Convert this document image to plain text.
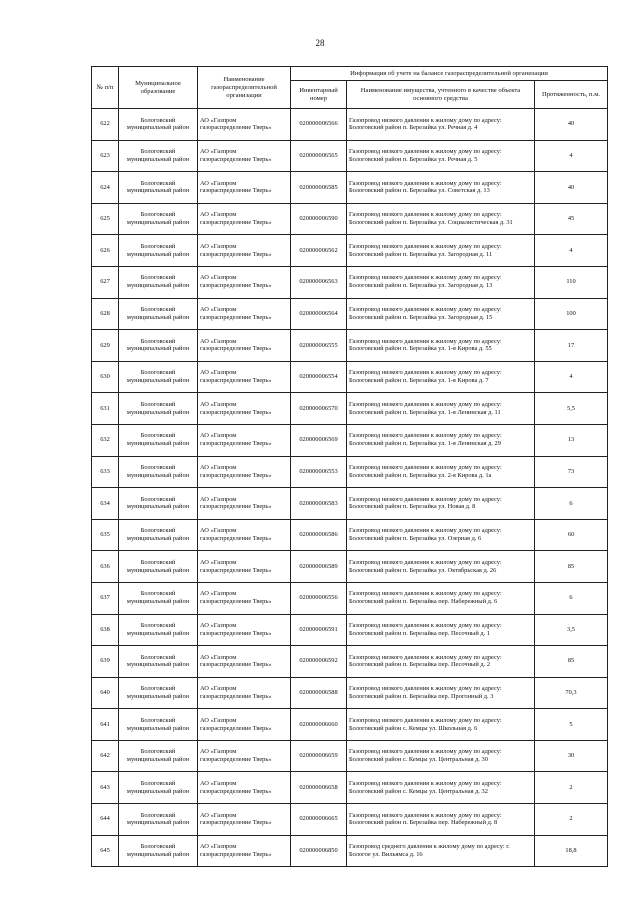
28
№ п/п	Муниципальное образование	Наименование газораспределительной организации	Информация об учете на балансе газораспределительной организации		
			Инвентарный номер	Наименование имущества, учтенного в качестве объекта основного средства	Протяженность, п.м.
622	Бологовский муниципальный район	АО «Газпром газораспределение Тверь»	020000006566	Газопровод низкого давления к жилому дому по адресу: Бологовский район п. Березайка ул. Речная д. 4	40
623	Бологовский муниципальный район	АО «Газпром газораспределение Тверь»	020000006565	Газопровод низкого давления к жилому дому по адресу: Бологовский район п. Березайка ул. Речная д. 5	4
624	Бологовский муниципальный район	АО «Газпром газораспределение Тверь»	020000006585	Газопровод низкого давления к жилому дому по адресу: Бологовский район п. Березайка ул. Советская д. 13	40
625	Бологовский муниципальный район	АО «Газпром газораспределение Тверь»	020000006590	Газопровод низкого давления к жилому дому по адресу: Бологовский район п. Березайка ул. Социалистическая д. 31	45
626	Бологовский муниципальный район	АО «Газпром газораспределение Тверь»	020000006562	Газопровод низкого давления к жилому дому по адресу: Бологовский район п. Березайка ул. Загородная д. 11	4
627	Бологовский муниципальный район	АО «Газпром газораспределение Тверь»	020000006563	Газопровод низкого давления к жилому дому по адресу: Бологовский район п. Березайка ул. Загородная д. 13	110
628	Бологовский муниципальный район	АО «Газпром газораспределение Тверь»	020000006564	Газопровод низкого давления к жилому дому по адресу: Бологовский район п. Березайка ул. Загородная д. 15	100
629	Бологовский муниципальный район	АО «Газпром газораспределение Тверь»	020000006555	Газопровод низкого давления к жилому дому по адресу: Бологовский район п. Березайка ул. 1-я Кирова д. 55	17
630	Бологовский муниципальный район	АО «Газпром газораспределение Тверь»	020000006554	Газопровод низкого давления к жилому дому по адресу: Бологовский район п. Березайка ул. 1-я Кирова д. 7	4
631	Бологовский муниципальный район	АО «Газпром газораспределение Тверь»	020000006570	Газопровод низкого давления к жилому дому по адресу: Бологовский район п. Березайка ул. 1-я Ленинская д. 11	5,5
632	Бологовский муниципальный район	АО «Газпром газораспределение Тверь»	020000006569	Газопровод низкого давления к жилому дому по адресу: Бологовский район п. Березайка ул. 1-я Ленинская д. 29	13
633	Бологовский муниципальный район	АО «Газпром газораспределение Тверь»	020000006553	Газопровод низкого давления к жилому дому по адресу: Бологовский район п. Березайка ул. 2-я Кирова д. 1а	73
634	Бологовский муниципальный район	АО «Газпром газораспределение Тверь»	020000006583	Газопровод низкого давления к жилому дому по адресу: Бологовский район п. Березайка ул. Новая д. 8	6
635	Бологовский муниципальный район	АО «Газпром газораспределение Тверь»	020000006586	Газопровод низкого давления к жилому дому по адресу: Бологовский район п. Березайка ул. Озерная д. 6	60
636	Бологовский муниципальный район	АО «Газпром газораспределение Тверь»	020000006589	Газопровод низкого давления к жилому дому по адресу: Бологовский район п. Березайка ул. Октябрьская д. 26	85
637	Бологовский муниципальный район	АО «Газпром газораспределение Тверь»	020000006556	Газопровод низкого давления к жилому дому по адресу: Бологовский район п. Березайка пер. Набережный д. 6	6
638	Бологовский муниципальный район	АО «Газпром газораспределение Тверь»	020000006591	Газопровод низкого давления к жилому дому по адресу: Бологовский район п. Березайка пер. Песочный д. 1	3,5
639	Бологовский муниципальный район	АО «Газпром газораспределение Тверь»	020000006592	Газопровод низкого давления к жилому дому по адресу: Бологовский район п. Березайка пер. Песочный д. 2	85
640	Бологовский муниципальный район	АО «Газпром газораспределение Тверь»	020000006588	Газопровод низкого давления к жилому дому по адресу: Бологовский район п. Березайка пер. Прогонный д. 3	70,3
641	Бологовский муниципальный район	АО «Газпром газораспределение Тверь»	020000006660	Газопровод низкого давления к жилому дому по адресу: Бологовский район с. Кемцы ул. Школьная д. 6	5
642	Бологовский муниципальный район	АО «Газпром газораспределение Тверь»	020000006659	Газопровод низкого давления к жилому дому по адресу: Бологовский район с. Кемцы ул. Центральная д. 30	30
643	Бологовский муниципальный район	АО «Газпром газораспределение Тверь»	020000006658	Газопровод низкого давления к жилому дому по адресу: Бологовский район с. Кемцы ул. Центральная д. 32	2
644	Бологовский муниципальный район	АО «Газпром газораспределение Тверь»	020000006665	Газопровод низкого давления к жилому дому по адресу: Бологовский район п. Березайка пер. Набережный д. 8	2
645	Бологовский муниципальный район	АО «Газпром газораспределение Тверь»	020000006850	Газопровод среднего давления к жилому дому по адресу: г. Бологое ул. Вильямса д. 16	18,8
